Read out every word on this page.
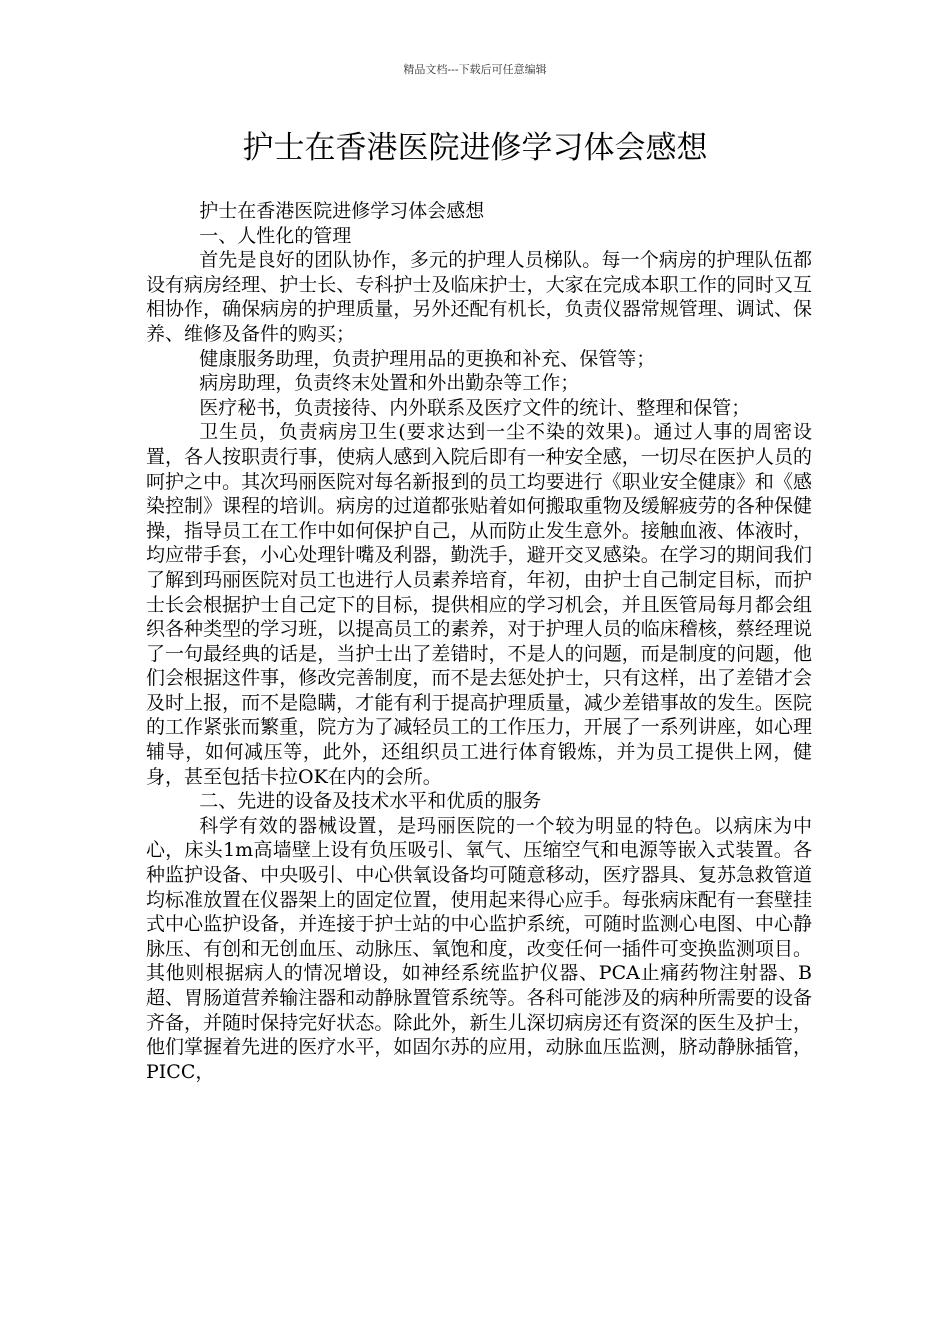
精品文档---下载后可任意编辑
护士在香港医院进修学习体会感想

护士在香港医院进修学习体会感想

一、人性化的管理

首先是良好的团队协作，多元的护理人员梯队。每一个病房的护理队伍都设有病房经理、护士长、专科护士及临床护士，大家在完成本职工作的同时又互相协作，确保病房的护理质量，另外还配有机长，负责仪器常规管理、调试、保养、维修及备件的购买；

健康服务助理，负责护理用品的更换和补充、保管等；

病房助理，负责终末处置和外出勤杂等工作；

医疗秘书，负责接待、内外联系及医疗文件的统计、整理和保管；

卫生员，负责病房卫生(要求达到一尘不染的效果)。通过人事的周密设置，各人按职责行事，使病人感到入院后即有一种安全感，一切尽在医护人员的呵护之中。其次玛丽医院对每名新报到的员工均要进行《职业安全健康》和《感染控制》课程的培训。病房的过道都张贴着如何搬取重物及缓解疲劳的各种保健操，指导员工在工作中如何保护自己，从而防止发生意外。接触血液、体液时，均应带手套，小心处理针嘴及利器，勤洗手，避开交叉感染。在学习的期间我们了解到玛丽医院对员工也进行人员素养培育，年初，由护士自己制定目标，而护士长会根据护士自己定下的目标，提供相应的学习机会，并且医管局每月都会组织各种类型的学习班，以提高员工的素养，对于护理人员的临床稽核，蔡经理说了一句最经典的话是，当护士出了差错时，不是人的问题，而是制度的问题，他们会根据这件事，修改完善制度，而不是去惩处护士，只有这样，出了差错才会及时上报，而不是隐瞒，才能有利于提高护理质量，减少差错事故的发生。医院的工作紧张而繁重，院方为了减轻员工的工作压力，开展了一系列讲座，如心理辅导，如何减压等，此外，还组织员工进行体育锻炼，并为员工提供上网，健身，甚至包括卡拉OK在内的会所。

二、先进的设备及技术水平和优质的服务

科学有效的器械设置，是玛丽医院的一个较为明显的特色。以病床为中心，床头1m高墙壁上设有负压吸引、氧气、压缩空气和电源等嵌入式装置。各种监护设备、中央吸引、中心供氧设备均可随意移动，医疗器具、复苏急救管道均标准放置在仪器架上的固定位置，使用起来得心应手。每张病床配有一套壁挂式中心监护设备，并连接于护士站的中心监护系统，可随时监测心电图、中心静脉压、有创和无创血压、动脉压、氧饱和度，改变任何一插件可变换监测项目。其他则根据病人的情况增设，如神经系统监护仪器、PCA止痛药物注射器、B超、胃肠道营养输注器和动静脉置管系统等。各科可能涉及的病种所需要的设备齐备，并随时保持完好状态。除此外，新生儿深切病房还有资深的医生及护士，他们掌握着先进的医疗水平，如固尔苏的应用，动脉血压监测，脐动静脉插管，PICC，
